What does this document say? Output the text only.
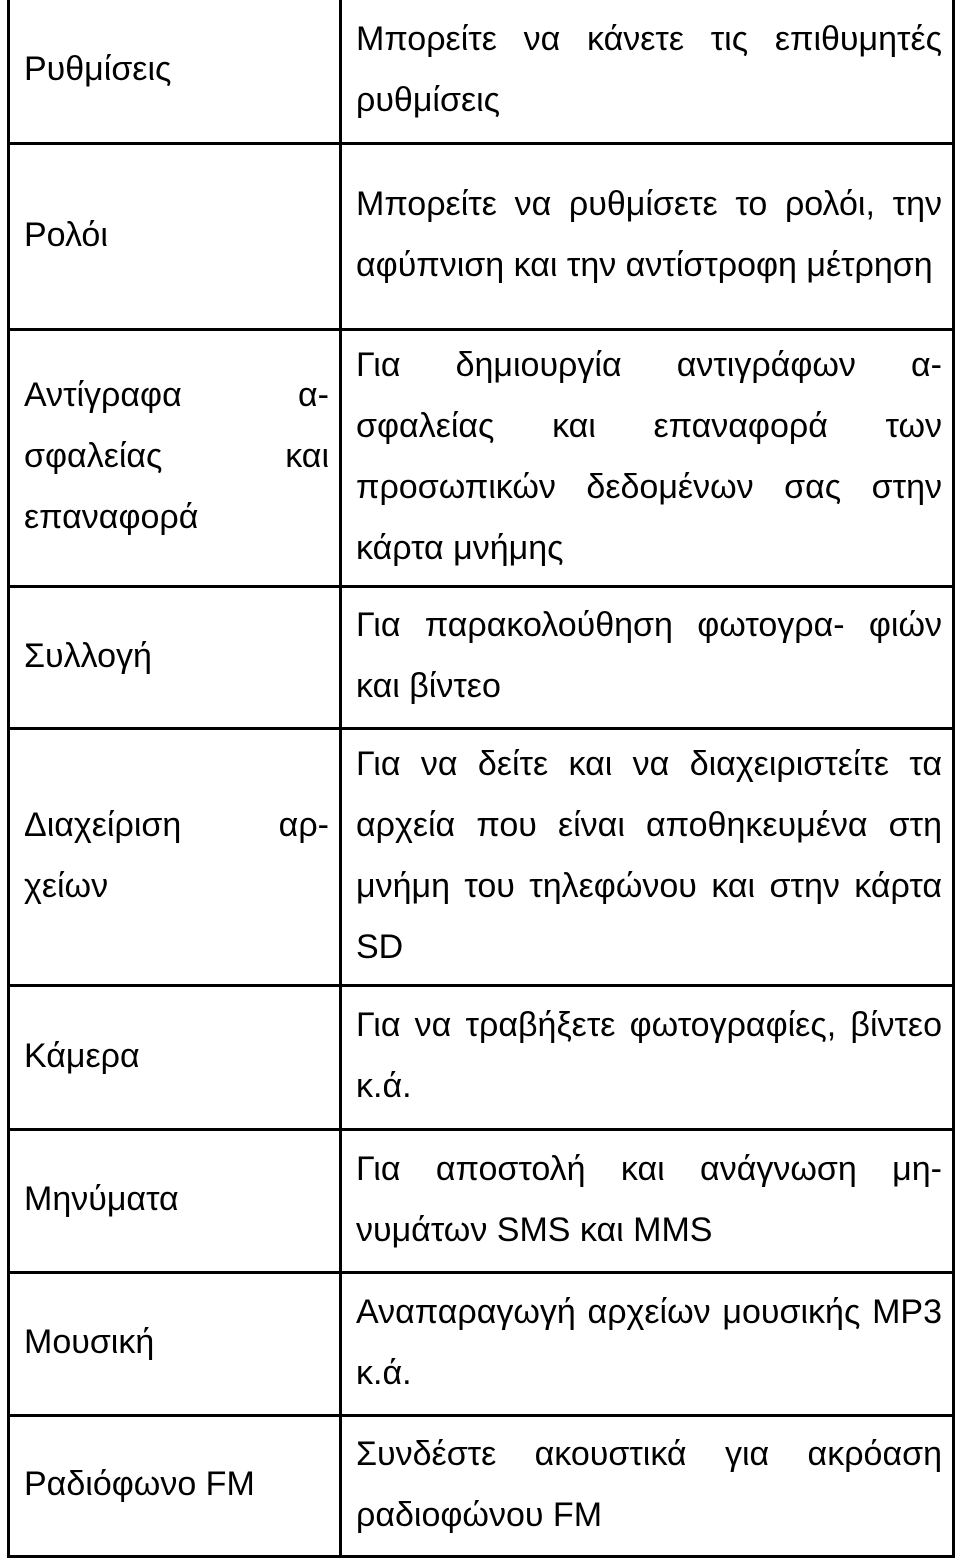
Ρυθμίσεις	Μπορείτε να κάνετε τις επιθυμητές ρυθμίσεις

Ρολόι	Μπορείτε να ρυθμίσετε το ρολόι, την αφύπνιση και την αντίστροφη μέτρηση

Αντίγραφα α- σφαλείας και επαναφορά	Για δημιουργία αντιγράφων α- σφαλείας και επαναφορά των προσωπικών δεδομένων σας στην κάρτα μνήμης

Συλλογή	Για παρακολούθηση φωτογρα- φιών και βίντεο

Διαχείριση αρ- χείων	Για να δείτε και να διαχειριστείτε τα αρχεία που είναι αποθηκευμένα στη μνήμη του τηλεφώνου και στην κάρτα SD

Κάμερα	Για να τραβήξετε φωτογραφίες, βίντεο κ.ά.

Μηνύματα	Για αποστολή και ανάγνωση μη- νυμάτων SMS και MMS

Μουσική	Αναπαραγωγή αρχείων μουσικής MP3 κ.ά.

Ραδιόφωνο FM	Συνδέστε ακουστικά για ακρόαση ραδιοφώνου FM
